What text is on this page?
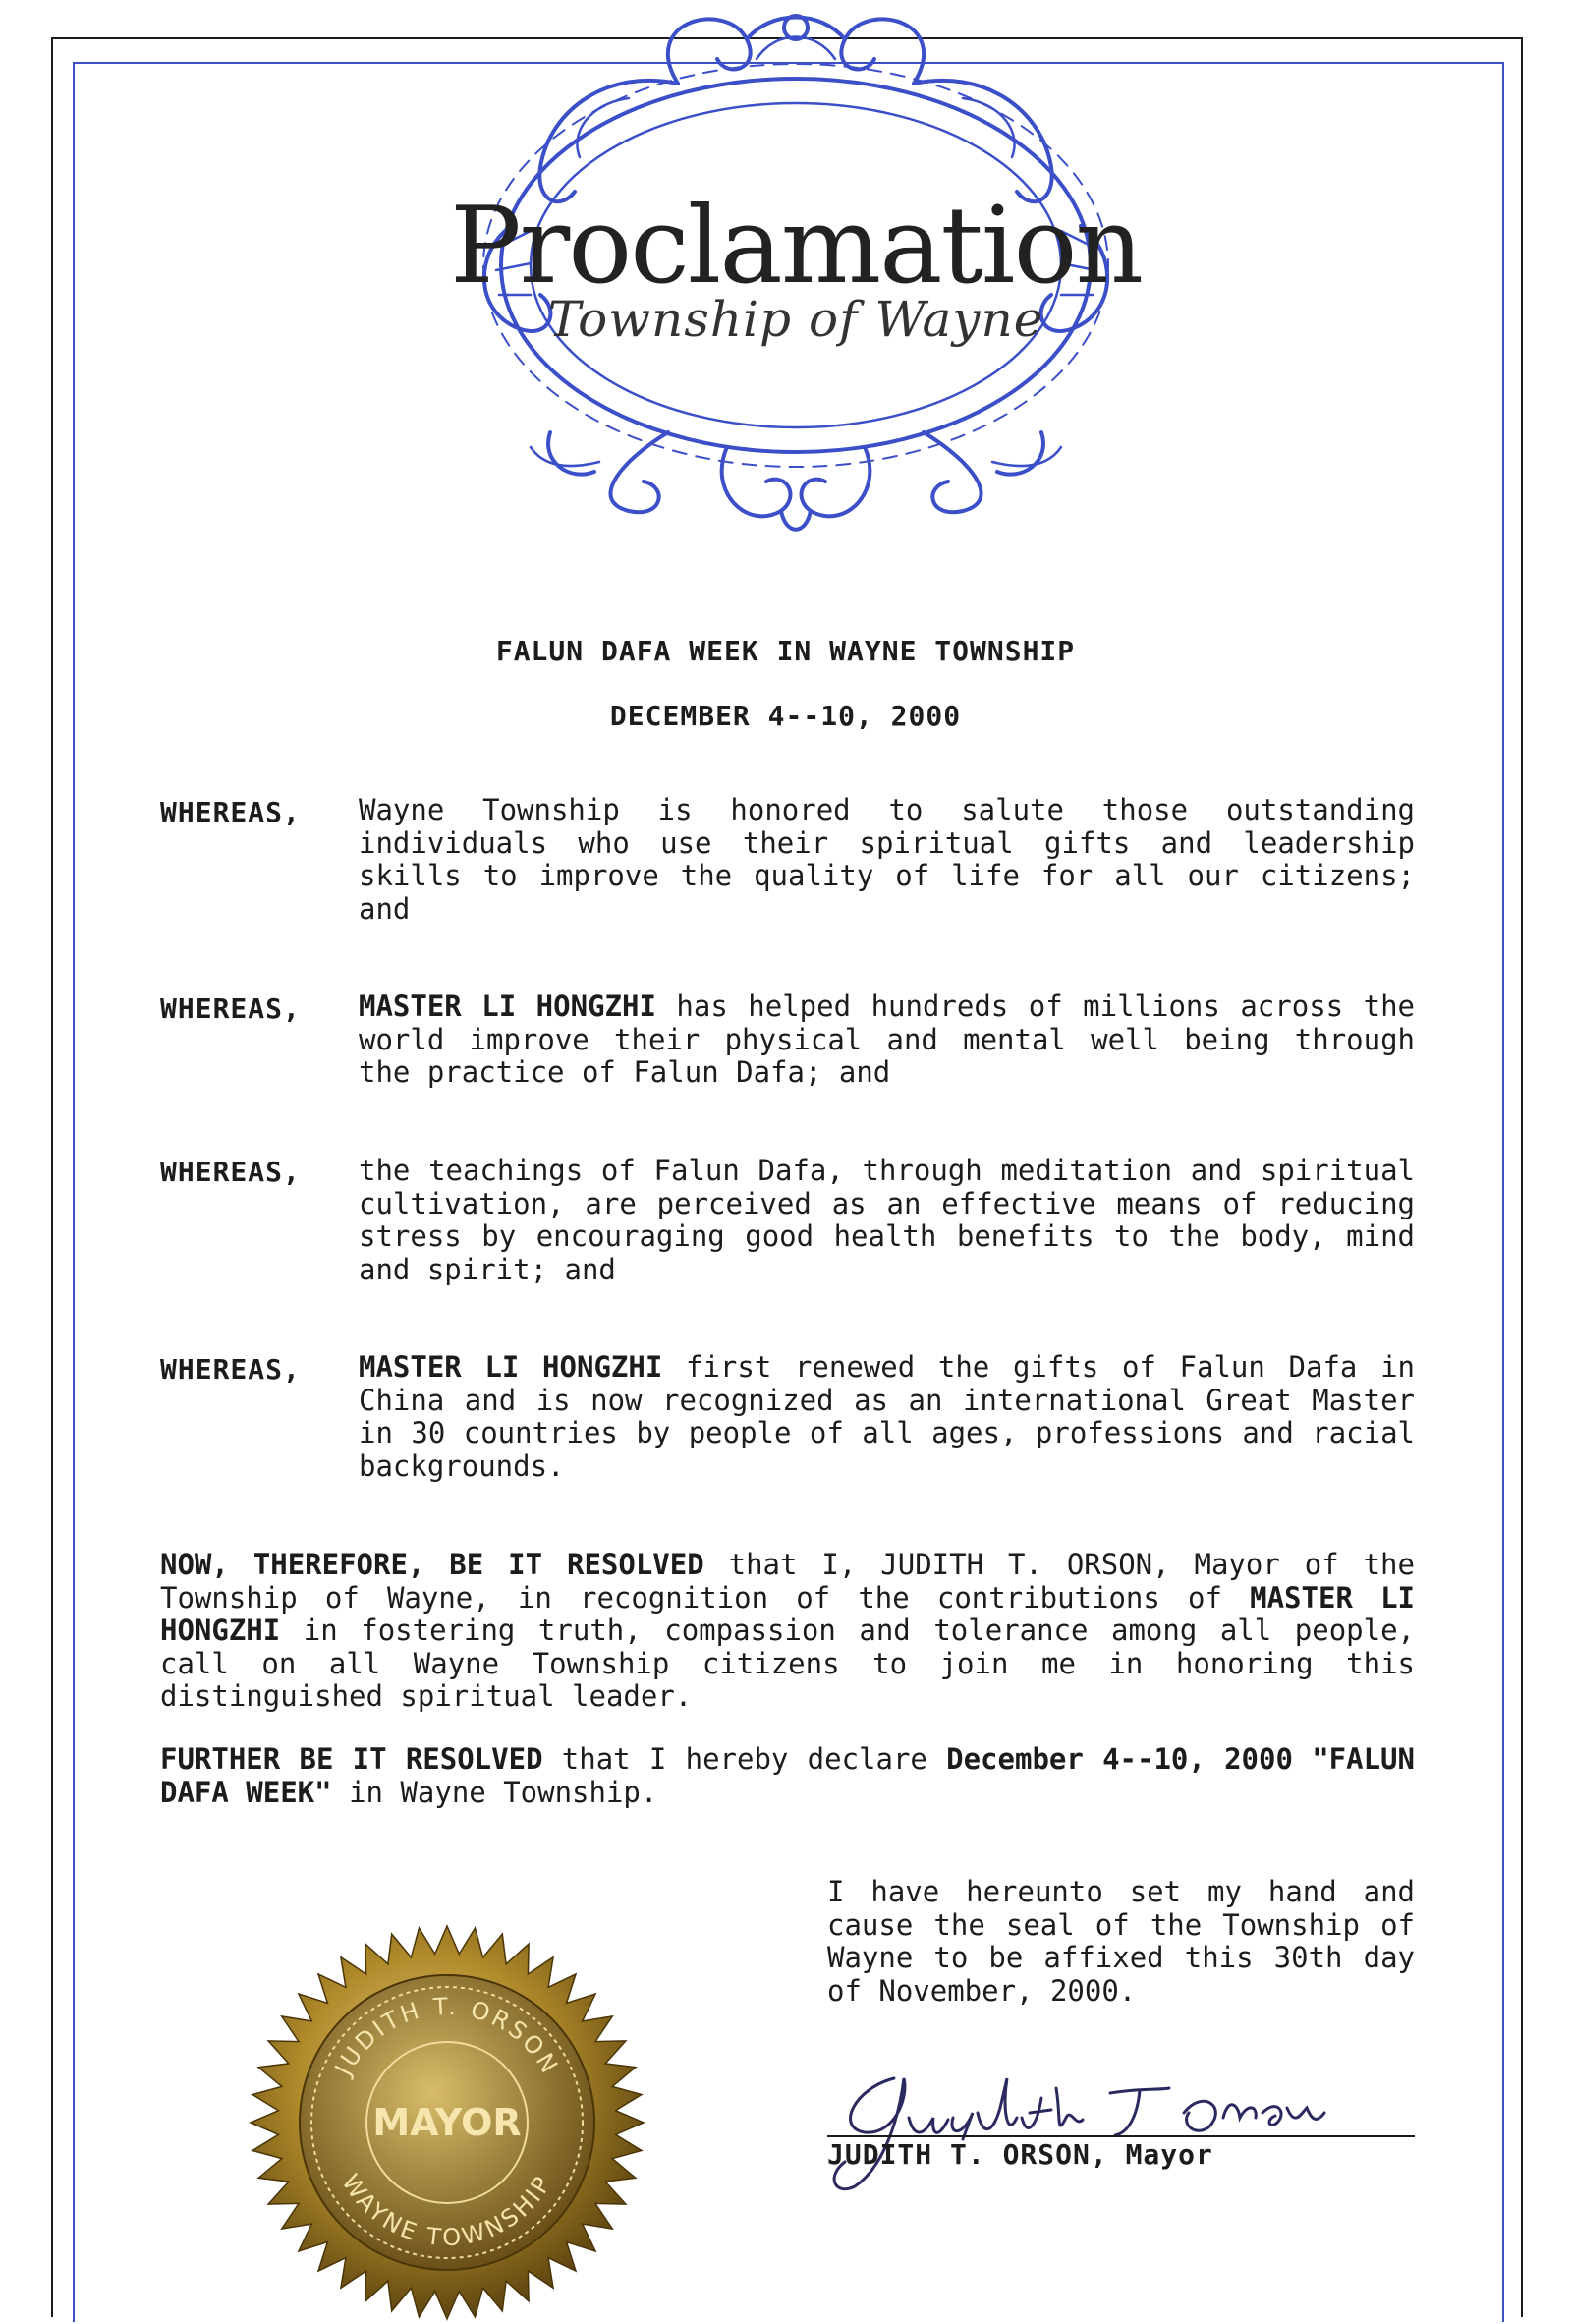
Proclamation
Township of Wayne
FALUN DAFA WEEK IN WAYNE TOWNSHIP
DECEMBER 4--10, 2000
WHEREAS, Wayne Township is honored to salute those outstanding individuals who use their spiritual gifts and leadership skills to improve the quality of life for all our citizens; and
WHEREAS, MASTER LI HONGZHI has helped hundreds of millions across the world improve their physical and mental well being through the practice of Falun Dafa; and
WHEREAS, the teachings of Falun Dafa, through meditation and spiritual cultivation, are perceived as an effective means of reducing stress by encouraging good health benefits to the body, mind and spirit; and
WHEREAS, MASTER LI HONGZHI first renewed the gifts of Falun Dafa in China and is now recognized as an international Great Master in 30 countries by people of all ages, professions and racial backgrounds.
NOW, THEREFORE, BE IT RESOLVED that I, JUDITH T. ORSON, Mayor of the Township of Wayne, in recognition of the contributions of MASTER LI HONGZHI in fostering truth, compassion and tolerance among all people, call on all Wayne Township citizens to join me in honoring this distinguished spiritual leader.
FURTHER BE IT RESOLVED that I hereby declare December 4--10, 2000 "FALUN DAFA WEEK" in Wayne Township.
I have hereunto set my hand and cause the seal of the Township of Wayne to be affixed this 30th day of November, 2000.
JUDITH T. ORSON, Mayor
JUDITH T. ORSON
WAYNE TOWNSHIP
MAYOR
